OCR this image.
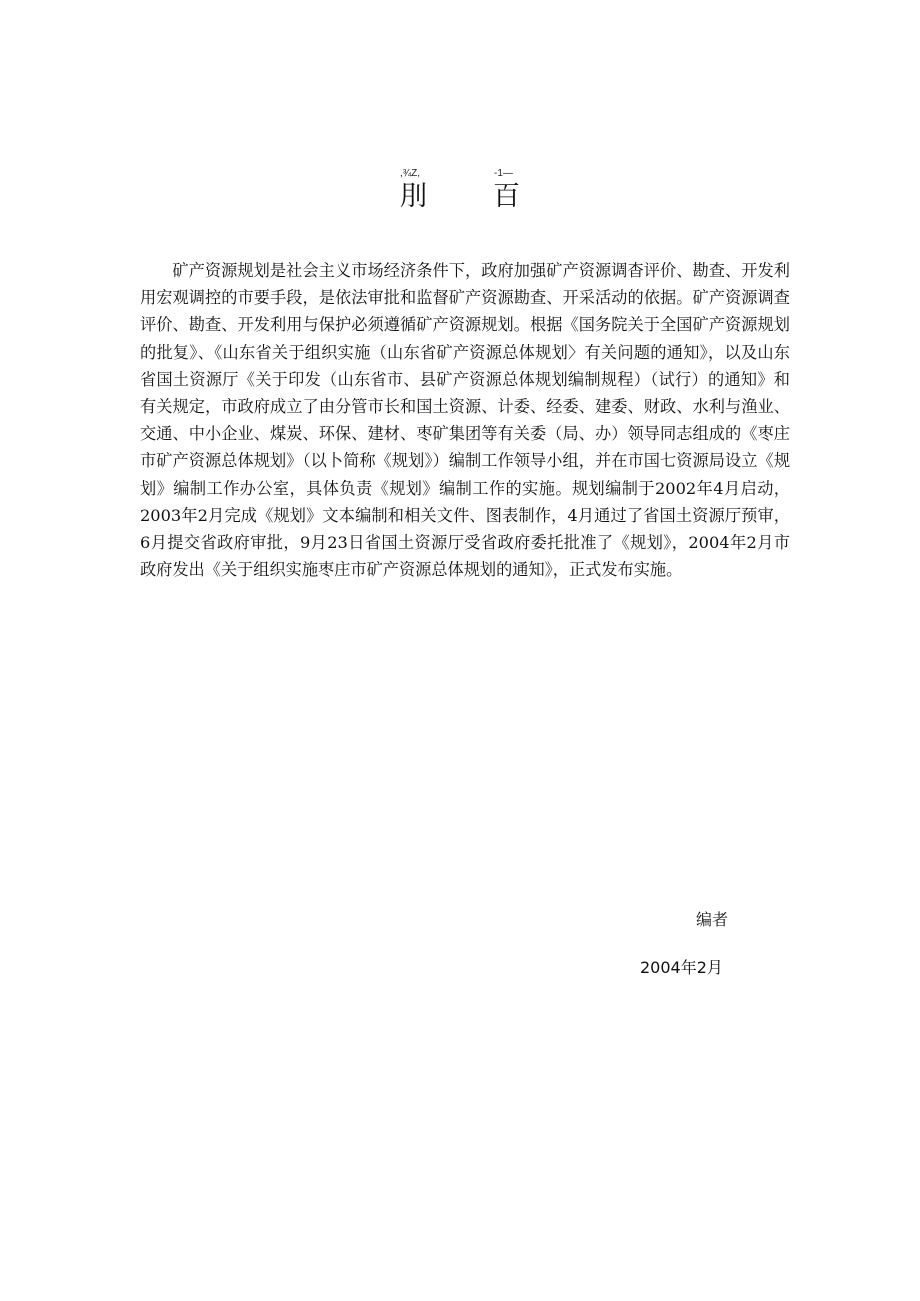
,¾Z,	-1—
刖 百

矿产资源规划是社会主义市场经济条件下，政府加强矿产资源调杳评价、勘查、开发利用宏观调控的市要手段，是依法审批和监督矿产资源勘查、开采活动的依据。矿产资源调查评价、勘查、开发利用与保护必须遵循矿产资源规划。根据《国务院关于全国矿产资源规划的批复》、《山东省关于组织实施（山东省矿产资源总体规划〉有关问题的通知》，以及山东省国土资源厅《关于印发（山东省市、县矿产资源总体规划编制规程）（试行）的通知》和有关规定，市政府成立了由分管市长和国土资源、计委、经委、建委、财政、水利与渔业、交通、中小企业、煤炭、环保、建材、枣矿集团等有关委（局、办）领导同志组成的《枣庄市矿产资源总体规划》（以卜简称《规划》）编制工作领导小组，并在市国七资源局设立《规划》编制工作办公室，具体负责《规划》编制工作的实施。规划编制于2002年4月启动，2003年2月完成《规划》文本编制和相关文件、图表制作，4月通过了省国土资源厅预审，6月提交省政府审批，9月23日省国土资源厅受省政府委托批准了《规划》，2004年2月市政府发出《关于组织实施枣庄市矿产资源总体规划的通知》，正式发布实施。

编者
2004年2月
